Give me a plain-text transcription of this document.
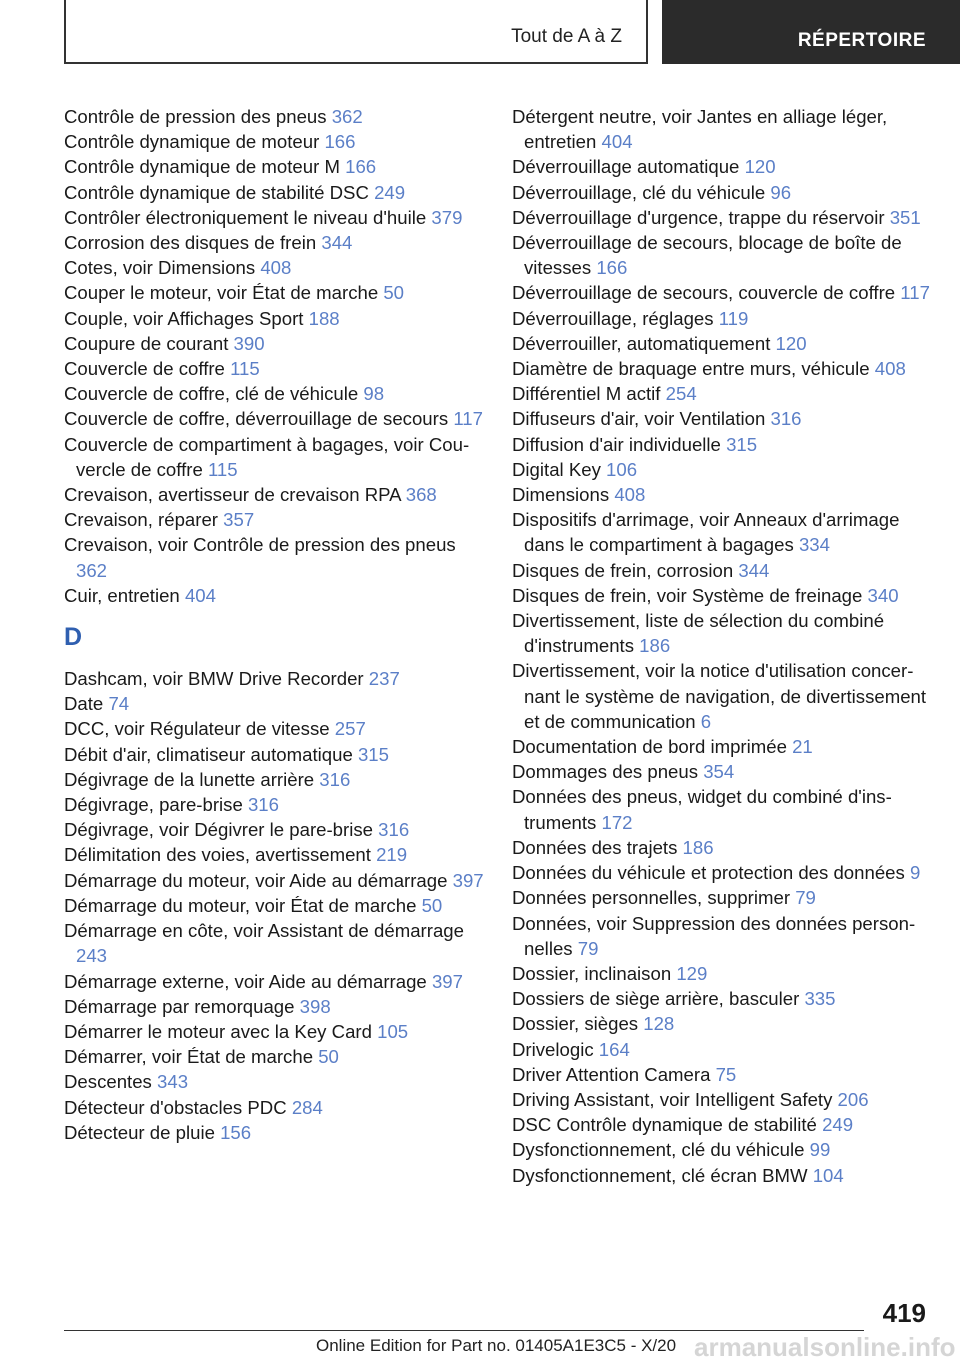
Tout de A à Z	RÉPERTOIRE
Contrôle de pression des pneus 362
Contrôle dynamique de moteur 166
Contrôle dynamique de moteur M 166
Contrôle dynamique de stabilité DSC 249
Contrôler électroniquement le niveau d'huile 379
Corrosion des disques de frein 344
Cotes, voir Dimensions 408
Couper le moteur, voir État de marche 50
Couple, voir Affichages Sport 188
Coupure de courant 390
Couvercle de coffre 115
Couvercle de coffre, clé de véhicule 98
Couvercle de coffre, déverrouillage de secours 117
Couvercle de compartiment à bagages, voir Couvercle de coffre 115
Crevaison, avertisseur de crevaison RPA 368
Crevaison, réparer 357
Crevaison, voir Contrôle de pression des pneus 362
Cuir, entretien 404
D
Dashcam, voir BMW Drive Recorder 237
Date 74
DCC, voir Régulateur de vitesse 257
Débit d'air, climatiseur automatique 315
Dégivrage de la lunette arrière 316
Dégivrage, pare-brise 316
Dégivrage, voir Dégivrer le pare-brise 316
Délimitation des voies, avertissement 219
Démarrage du moteur, voir Aide au démarrage 397
Démarrage du moteur, voir État de marche 50
Démarrage en côte, voir Assistant de démarrage 243
Démarrage externe, voir Aide au démarrage 397
Démarrage par remorquage 398
Démarrer le moteur avec la Key Card 105
Démarrer, voir État de marche 50
Descentes 343
Détecteur d'obstacles PDC 284
Détecteur de pluie 156
Détergent neutre, voir Jantes en alliage léger, entretien 404
Déverrouillage automatique 120
Déverrouillage, clé du véhicule 96
Déverrouillage d'urgence, trappe du réservoir 351
Déverrouillage de secours, blocage de boîte de vitesses 166
Déverrouillage de secours, couvercle de coffre 117
Déverrouillage, réglages 119
Déverrouiller, automatiquement 120
Diamètre de braquage entre murs, véhicule 408
Différentiel M actif 254
Diffuseurs d'air, voir Ventilation 316
Diffusion d'air individuelle 315
Digital Key 106
Dimensions 408
Dispositifs d'arrimage, voir Anneaux d'arrimage dans le compartiment à bagages 334
Disques de frein, corrosion 344
Disques de frein, voir Système de freinage 340
Divertissement, liste de sélection du combiné d'instruments 186
Divertissement, voir la notice d'utilisation concernant le système de navigation, de divertissement et de communication 6
Documentation de bord imprimée 21
Dommages des pneus 354
Données des pneus, widget du combiné d'instruments 172
Données des trajets 186
Données du véhicule et protection des données 9
Données personnelles, supprimer 79
Données, voir Suppression des données personnelles 79
Dossier, inclinaison 129
Dossiers de siège arrière, basculer 335
Dossier, sièges 128
Drivelogic 164
Driver Attention Camera 75
Driving Assistant, voir Intelligent Safety 206
DSC Contrôle dynamique de stabilité 249
Dysfonctionnement, clé du véhicule 99
Dysfonctionnement, clé écran BMW 104
419
Online Edition for Part no. 01405A1E3C5 - X/20 armanualsonline.info
